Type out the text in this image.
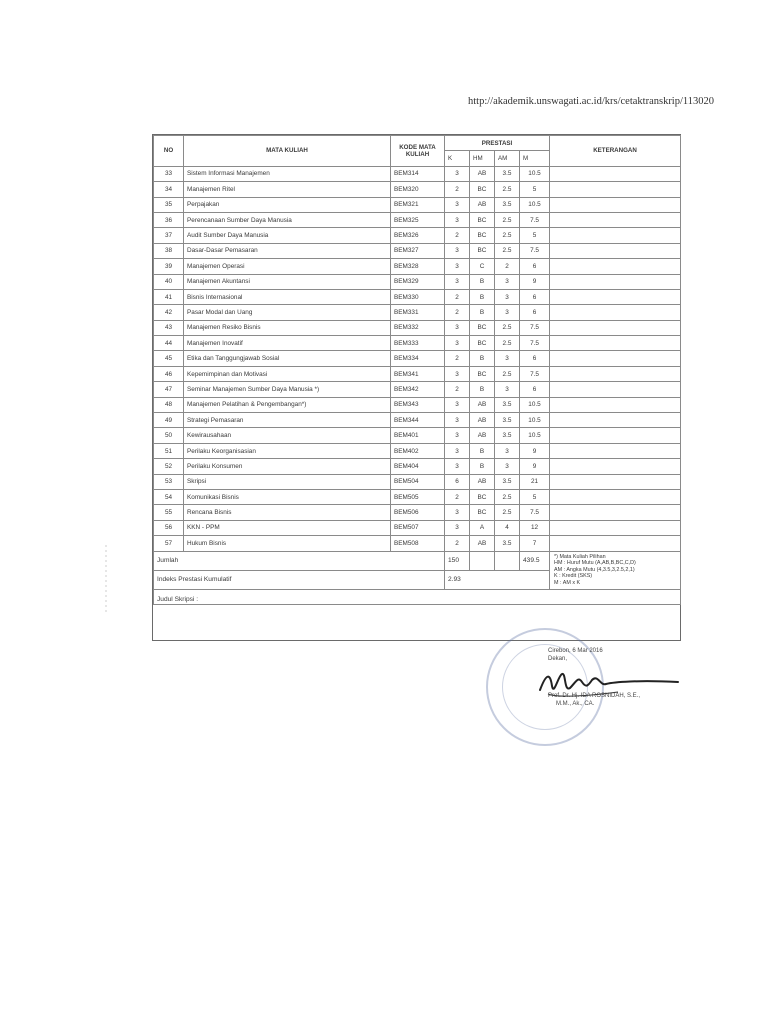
http://akademik.unswagati.ac.id/krs/cetaktranskrip/113020
NO	MATA KULIAH	KODE MATA KULIAH	PRESTASI				KETERANGAN
			K	HM	AM	M	
33	Sistem Informasi Manajemen	BEM314	3	AB	3.5	10.5	
34	Manajemen Ritel	BEM320	2	BC	2.5	5	
35	Perpajakan	BEM321	3	AB	3.5	10.5	
36	Perencanaan Sumber Daya Manusia	BEM325	3	BC	2.5	7.5	
37	Audit Sumber Daya Manusia	BEM326	2	BC	2.5	5	
38	Dasar-Dasar Pemasaran	BEM327	3	BC	2.5	7.5	
39	Manajemen Operasi	BEM328	3	C	2	6	
40	Manajemen Akuntansi	BEM329	3	B	3	9	
41	Bisnis Internasional	BEM330	2	B	3	6	
42	Pasar Modal dan Uang	BEM331	2	B	3	6	
43	Manajemen Resiko Bisnis	BEM332	3	BC	2.5	7.5	
44	Manajemen Inovatif	BEM333	3	BC	2.5	7.5	
45	Etika dan Tanggungjawab Sosial	BEM334	2	B	3	6	
46	Kepemimpinan dan Motivasi	BEM341	3	BC	2.5	7.5	
47	Seminar Manajemen Sumber Daya Manusia *)	BEM342	2	B	3	6	
48	Manajemen Pelatihan & Pengembangan*)	BEM343	3	AB	3.5	10.5	
49	Strategi Pemasaran	BEM344	3	AB	3.5	10.5	
50	Kewirausahaan	BEM401	3	AB	3.5	10.5	
51	Perilaku Keorganisasian	BEM402	3	B	3	9	
52	Perilaku Konsumen	BEM404	3	B	3	9	
53	Skripsi	BEM504	6	AB	3.5	21	
54	Komunikasi Bisnis	BEM505	2	BC	2.5	5	
55	Rencana Bisnis	BEM506	3	BC	2.5	7.5	
56	KKN - PPM	BEM507	3	A	4	12	
57	Hukum Bisnis	BEM508	2	AB	3.5	7	
Jumlah			150			439.5	*) Mata Kuliah Pilihan
HM : Huruf Mutu (A,AB,B,BC,C,D)
AM : Angka Mutu (4,3.5,3,2.5,2,1)
K : Kredit (SKS)
M : AM x K

Indeks Prestasi Kumulatif			2.93				
Judul Skripsi :							
Cirebon, 6 Mar 2016
Dekan,
Prof. Dr. Hj. IDA ROSNIDAH, S.E.,
M.M., Ak., CA.
